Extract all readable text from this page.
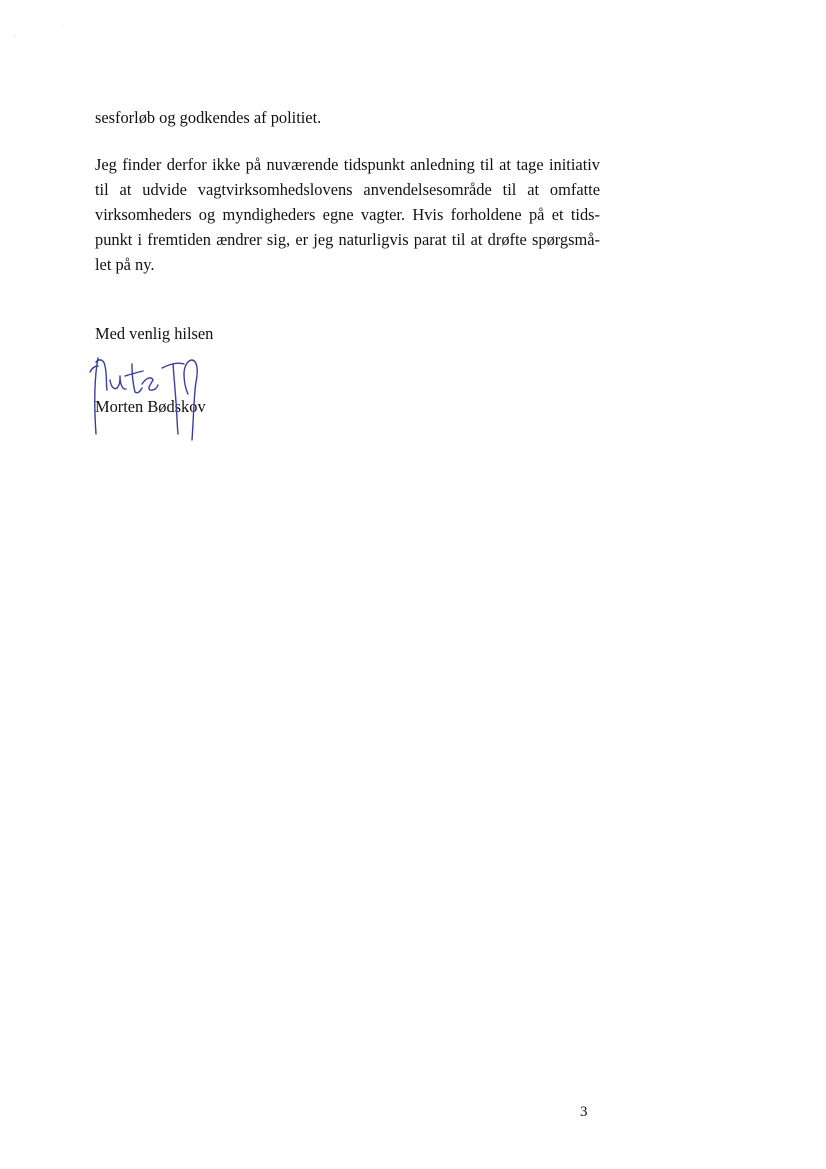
·
·
sesforløb og godkendes af politiet.
Jeg finder derfor ikke på nuværende tidspunkt anledning til at tage initiativ
til at udvide vagtvirksomhedslovens anvendelsesområde til at omfatte
virksomheders og myndigheders egne vagter. Hvis forholdene på et tids-
punkt i fremtiden ændrer sig, er jeg naturligvis parat til at drøfte spørgsmå-
let på ny.
Med venlig hilsen
Morten Bødskov
3
